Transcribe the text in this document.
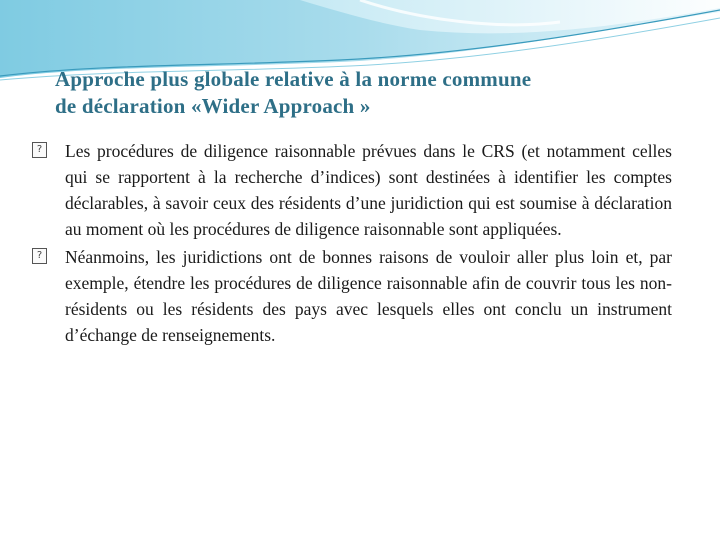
Approche plus globale relative à la norme commune
de déclaration «Wider Approach »

? Les procédures de diligence raisonnable prévues dans le CRS (et notamment celles qui se rapportent à la recherche d’indices) sont destinées à identifier les comptes déclarables, à savoir ceux des résidents d’une juridiction qui est soumise à déclaration au moment où les procédures de diligence raisonnable sont appliquées.

? Néanmoins, les juridictions ont de bonnes raisons de vouloir aller plus loin et, par exemple, étendre les procédures de diligence raisonnable afin de couvrir tous les non-résidents ou les résidents des pays avec lesquels elles ont conclu un instrument d’échange de renseignements.
